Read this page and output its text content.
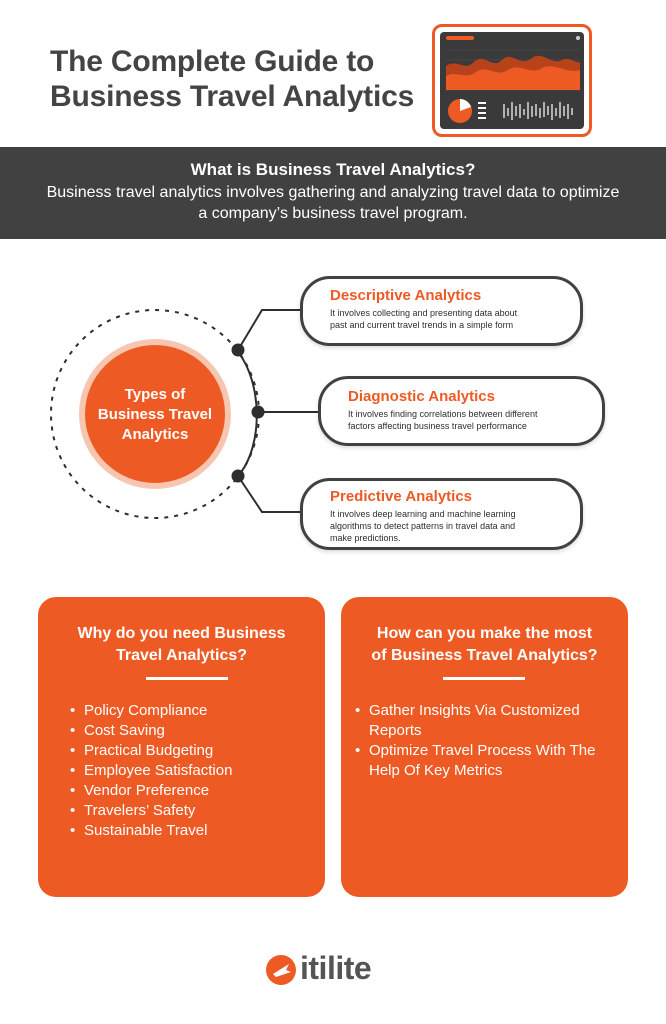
The Complete Guide to
Business Travel Analytics
What is Business Travel Analytics?
Business travel analytics involves gathering and analyzing travel data to optimize a company’s business travel program.
Types of
Business Travel
Analytics
Descriptive Analytics
It involves collecting and presenting data about
past and current travel trends in a simple form
Diagnostic Analytics
It involves finding correlations between different
factors affecting business travel performance
Predictive Analytics
It involves deep learning and machine learning
algorithms to detect patterns in travel data and
make predictions.
Why do you need Business
Travel Analytics?
• Policy Compliance
• Cost Saving
• Practical Budgeting
• Employee Satisfaction
• Vendor Preference
• Travelers’ Safety
• Sustainable Travel
How can you make the most
of Business Travel Analytics?
• Gather Insights Via Customized Reports
• Optimize Travel Process With The Help Of Key Metrics
itilite
